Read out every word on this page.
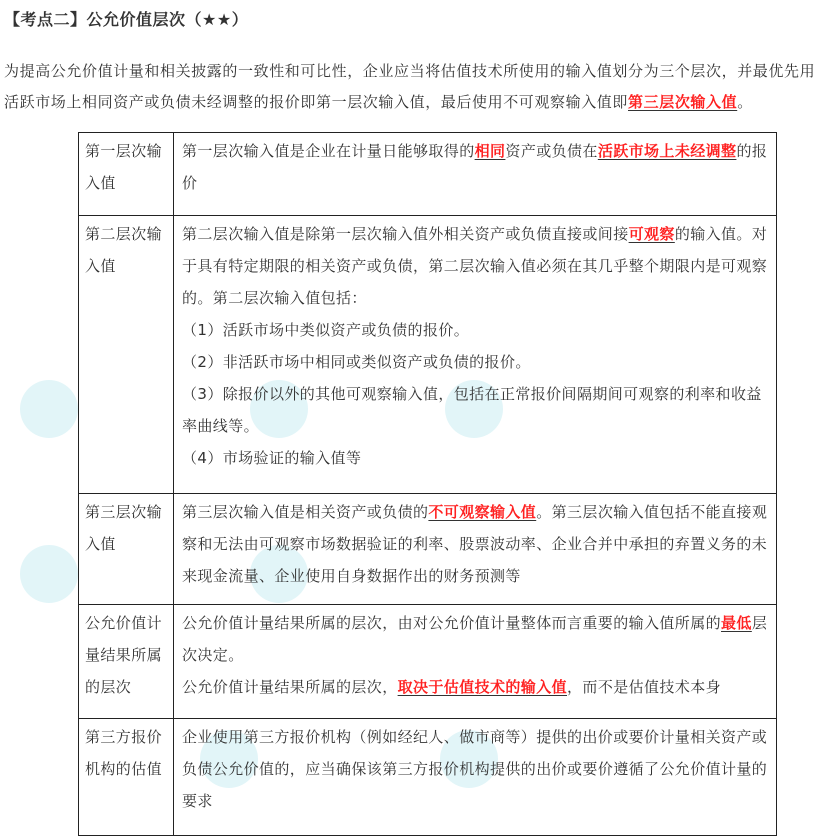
【考点二】公允价值层次（★★）
为提高公允价值计量和相关披露的一致性和可比性，企业应当将估值技术所使用的输入值划分为三个层次，并最优先用活跃市场上相同资产或负债未经调整的报价即第一层次输入值，最后使用不可观察输入值即第三层次输入值。
第一层次输入值	第一层次输入值是企业在计量日能够取得的相同资产或负债在活跃市场上未经调整的报价
第二层次输入值	第二层次输入值是除第一层次输入值外相关资产或负债直接或间接可观察的输入值。对于具有特定期限的相关资产或负债，第二层次输入值必须在其几乎整个期限内是可观察的。第二层次输入值包括：
（1）活跃市场中类似资产或负债的报价。
（2）非活跃市场中相同或类似资产或负债的报价。
（3）除报价以外的其他可观察输入值，包括在正常报价间隔期间可观察的利率和收益率曲线等。
（4）市场验证的输入值等

第三层次输入值	第三层次输入值是相关资产或负债的不可观察输入值。第三层次输入值包括不能直接观察和无法由可观察市场数据验证的利率、股票波动率、企业合并中承担的弃置义务的未来现金流量、企业使用自身数据作出的财务预测等
公允价值计量结果所属的层次	公允价值计量结果所属的层次，由对公允价值计量整体而言重要的输入值所属的最低层次决定。
公允价值计量结果所属的层次，取决于估值技术的输入值，而不是估值技术本身

第三方报价机构的估值	企业使用第三方报价机构（例如经纪人、做市商等）提供的出价或要价计量相关资产或负债公允价值的，应当确保该第三方报价机构提供的出价或要价遵循了公允价值计量的要求
